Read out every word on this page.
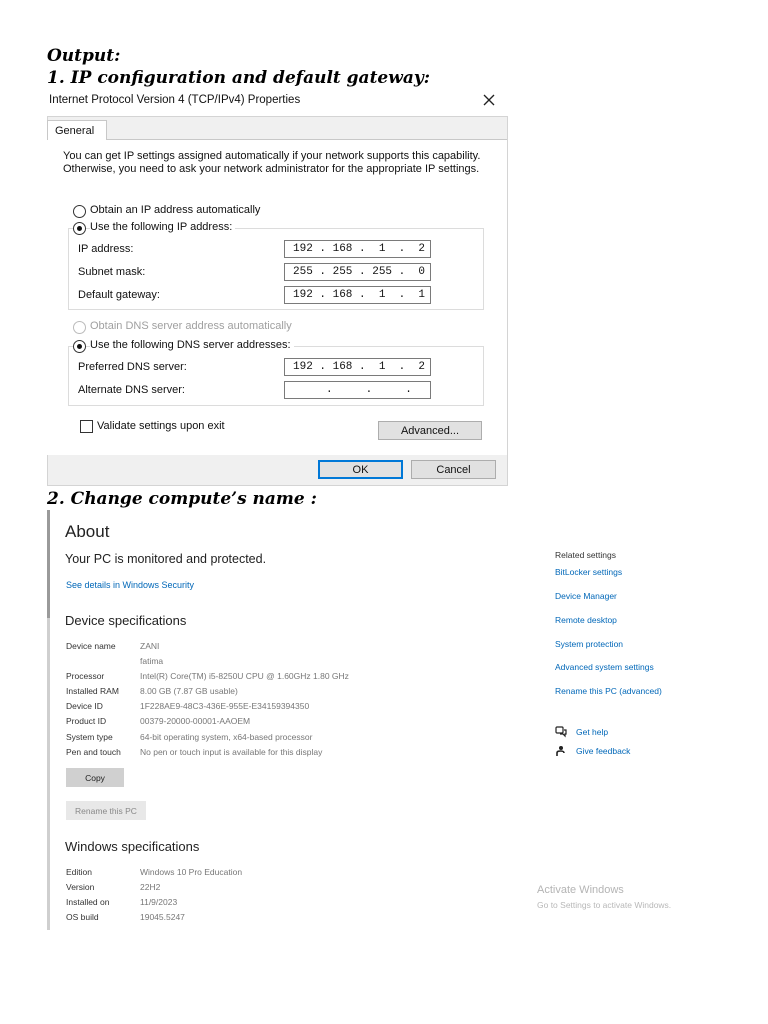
Output:
1. IP configuration and default gateway:
Internet Protocol Version 4 (TCP/IPv4) Properties
General
You can get IP settings assigned automatically if your network supports this capability. Otherwise, you need to ask your network administrator for the appropriate IP settings.
Obtain an IP address automatically
Use the following IP address:
IP address:	192 . 168 .  1  .  2
Subnet mask:	255 . 255 . 255 .  0
Default gateway:	192 . 168 .  1  .  1
Obtain DNS server address automatically
Use the following DNS server addresses:
Preferred DNS server:	192 . 168 .  1  .  2
Alternate DNS server:	.     .     .
Validate settings upon exit	Advanced...
OK	Cancel
2. Change compute’s name :
About
Your PC is monitored and protected.
See details in Windows Security
Device specifications
Device name	ZANI
fatima
Processor	Intel(R) Core(TM) i5-8250U CPU @ 1.60GHz 1.80 GHz
Installed RAM 8.00 GB (7.87 GB usable)
Device ID	1F228AE9-48C3-436E-955E-E34159394350
Product ID	00379-20000-00001-AAOEM
System type	64-bit operating system, x64-based processor
Pen and touch No pen or touch input is available for this display
Copy
Rename this PC
Windows specifications
Edition	Windows 10 Pro Education
Version	22H2
Installed on	11/9/2023
OS build	19045.5247
Related settings
BitLocker settings
Device Manager
Remote desktop
System protection
Advanced system settings
Rename this PC (advanced)
Get help
Give feedback
Activate Windows
Go to Settings to activate Windows.
